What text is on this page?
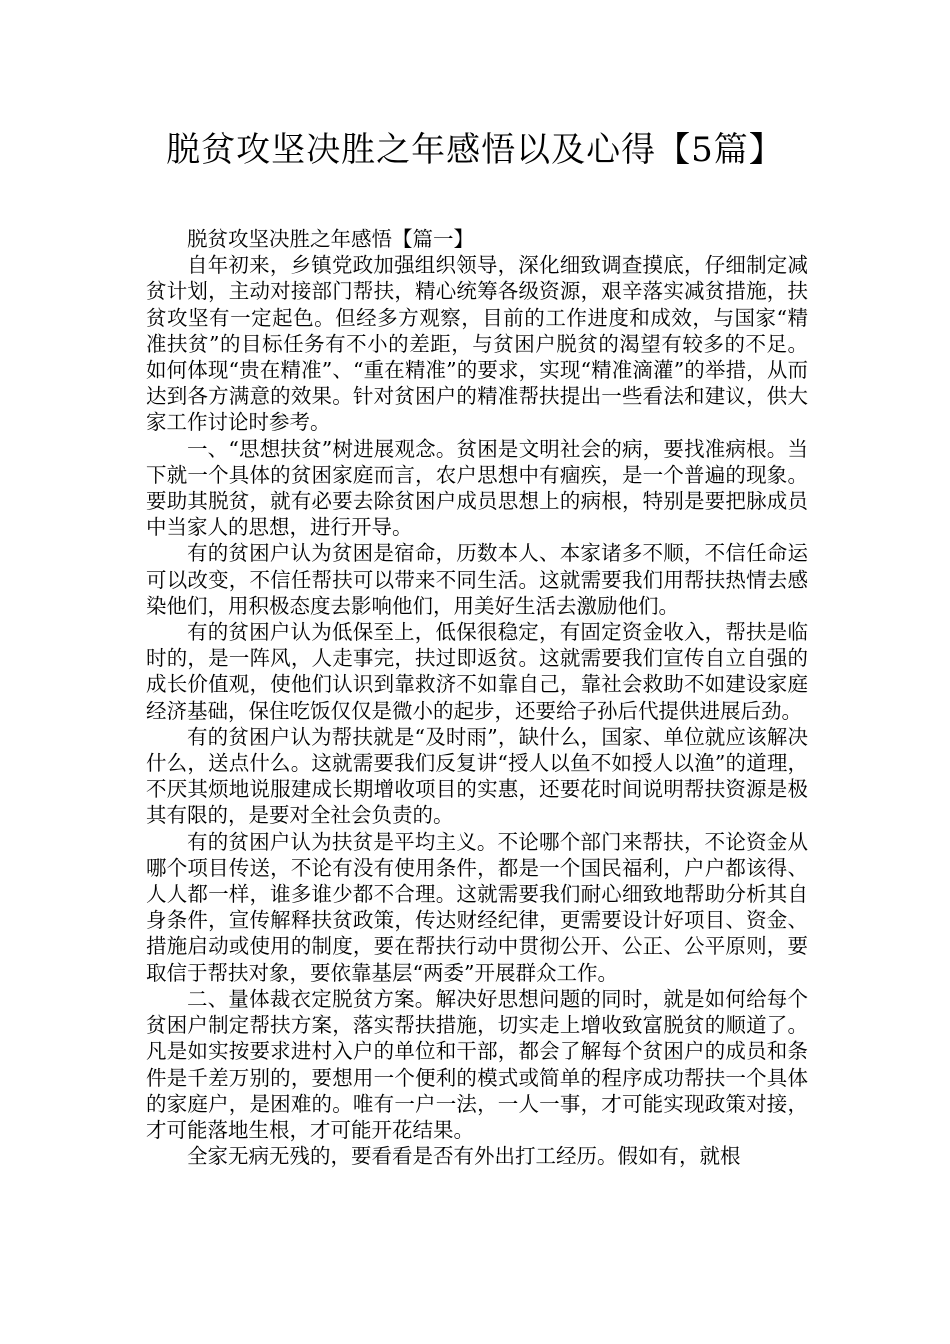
脱贫攻坚决胜之年感悟以及心得【5篇】

脱贫攻坚决胜之年感悟【篇一】

自年初来，乡镇党政加强组织领导，深化细致调查摸底，仔细制定减贫计划，主动对接部门帮扶，精心统筹各级资源，艰辛落实减贫措施，扶贫攻坚有一定起色。但经多方观察，目前的工作进度和成效，与国家“精准扶贫”的目标任务有不小的差距，与贫困户脱贫的渴望有较多的不足。如何体现“贵在精准”、“重在精准”的要求，实现“精准滴灌”的举措，从而达到各方满意的效果。针对贫困户的精准帮扶提出一些看法和建议，供大家工作讨论时参考。

一、“思想扶贫”树进展观念。贫困是文明社会的病，要找准病根。当下就一个具体的贫困家庭而言，农户思想中有痼疾，是一个普遍的现象。要助其脱贫，就有必要去除贫困户成员思想上的病根，特别是要把脉成员中当家人的思想，进行开导。

有的贫困户认为贫困是宿命，历数本人、本家诸多不顺，不信任命运可以改变，不信任帮扶可以带来不同生活。这就需要我们用帮扶热情去感染他们，用积极态度去影响他们，用美好生活去激励他们。

有的贫困户认为低保至上，低保很稳定，有固定资金收入，帮扶是临时的，是一阵风，人走事完，扶过即返贫。这就需要我们宣传自立自强的成长价值观，使他们认识到靠救济不如靠自己，靠社会救助不如建设家庭经济基础，保住吃饭仅仅是微小的起步，还要给子孙后代提供进展后劲。

有的贫困户认为帮扶就是“及时雨”，缺什么，国家、单位就应该解决什么，送点什么。这就需要我们反复讲“授人以鱼不如授人以渔”的道理，不厌其烦地说服建成长期增收项目的实惠，还要花时间说明帮扶资源是极其有限的，是要对全社会负责的。

有的贫困户认为扶贫是平均主义。不论哪个部门来帮扶，不论资金从哪个项目传送，不论有没有使用条件，都是一个国民福利，户户都该得、人人都一样，谁多谁少都不合理。这就需要我们耐心细致地帮助分析其自身条件，宣传解释扶贫政策，传达财经纪律，更需要设计好项目、资金、措施启动或使用的制度，要在帮扶行动中贯彻公开、公正、公平原则，要取信于帮扶对象，要依靠基层“两委”开展群众工作。

二、量体裁衣定脱贫方案。解决好思想问题的同时，就是如何给每个贫困户制定帮扶方案，落实帮扶措施，切实走上增收致富脱贫的顺道了。凡是如实按要求进村入户的单位和干部，都会了解每个贫困户的成员和条件是千差万别的，要想用一个便利的模式或简单的程序成功帮扶一个具体的家庭户，是困难的。唯有一户一法，一人一事，才可能实现政策对接，才可能落地生根，才可能开花结果。

全家无病无残的，要看看是否有外出打工经历。假如有，就根
